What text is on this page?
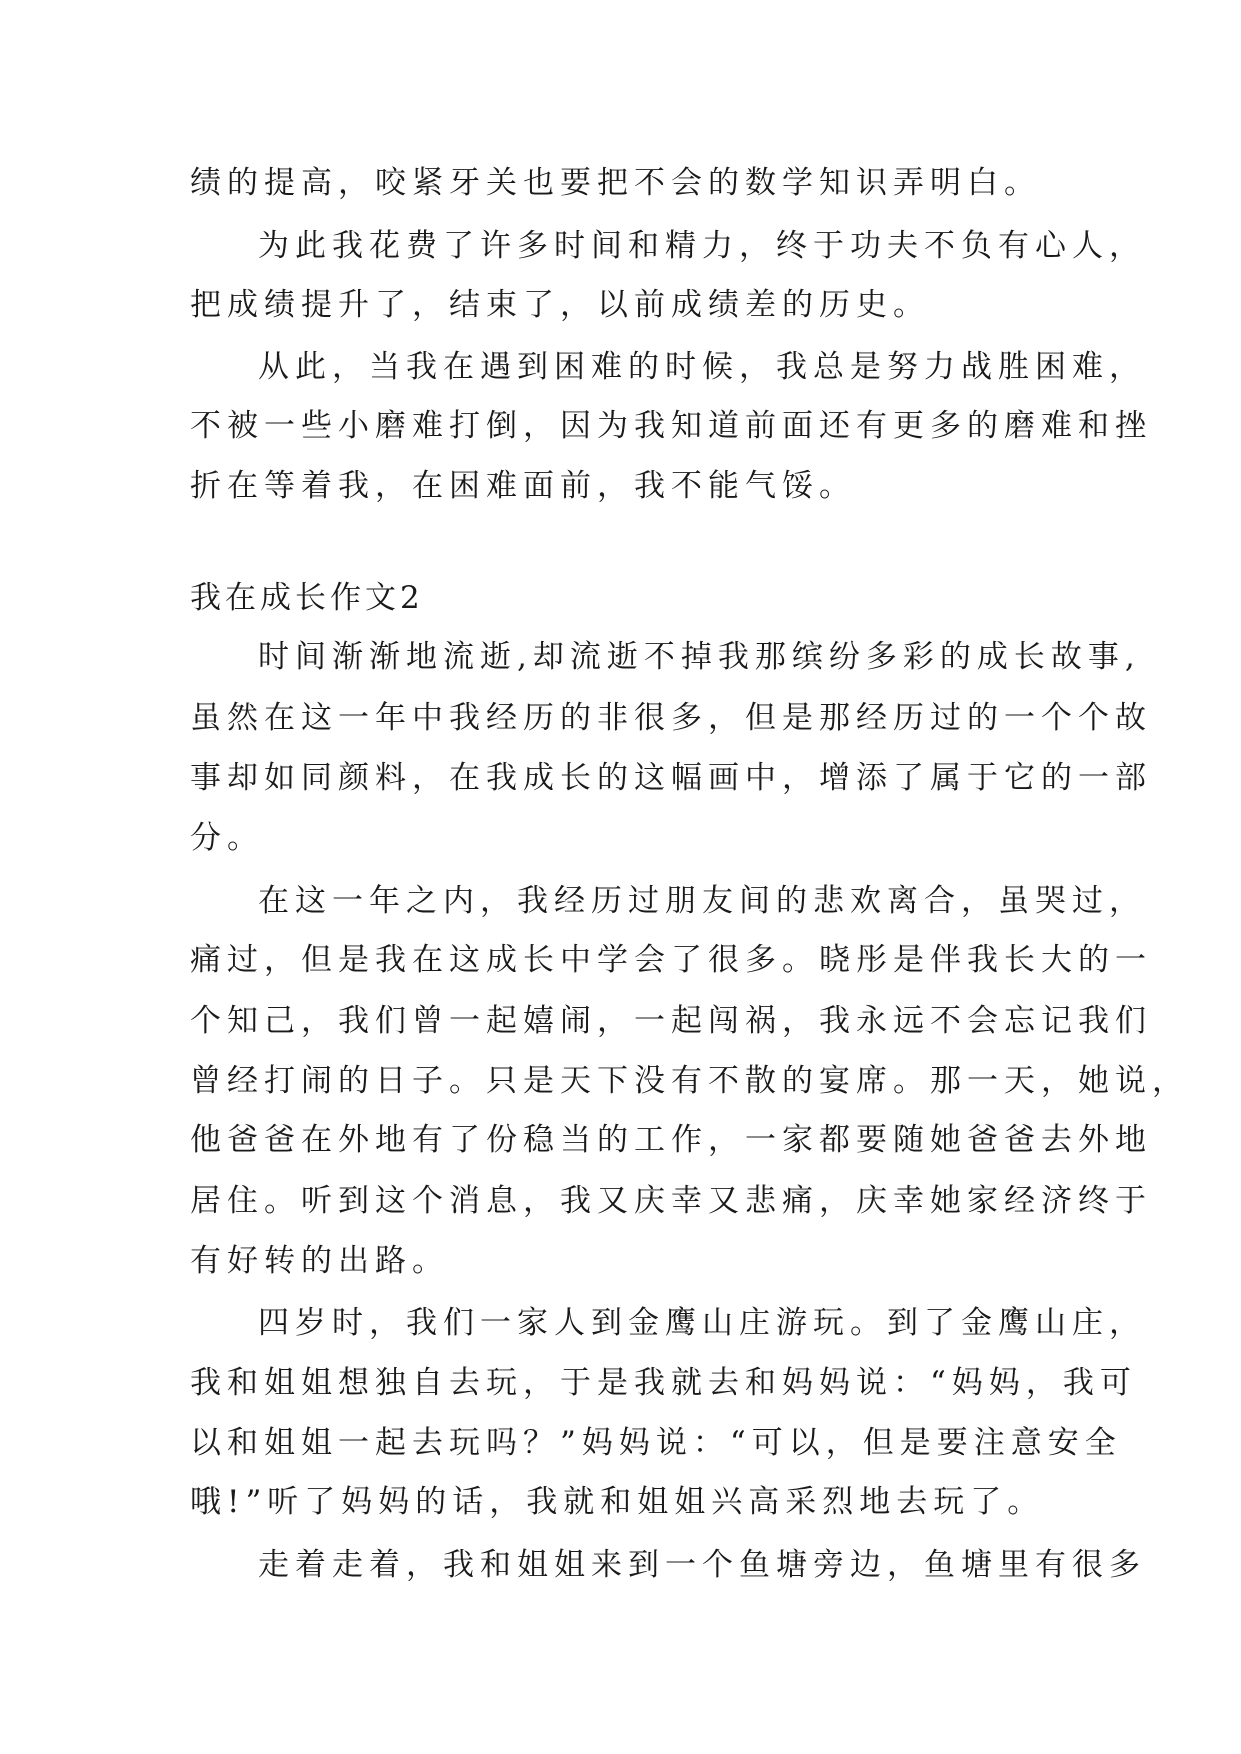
绩的提高，咬紧牙关也要把不会的数学知识弄明白。
为此我花费了许多时间和精力，终于功夫不负有心人，
把成绩提升了，结束了，以前成绩差的历史。
从此，当我在遇到困难的时候，我总是努力战胜困难，
不被一些小磨难打倒，因为我知道前面还有更多的磨难和挫
折在等着我，在困难面前，我不能气馁。
我在成长作文2
时间渐渐地流逝,却流逝不掉我那缤纷多彩的成长故事,
虽然在这一年中我经历的非很多，但是那经历过的一个个故
事却如同颜料，在我成长的这幅画中，增添了属于它的一部
分。
在这一年之内，我经历过朋友间的悲欢离合，虽哭过，
痛过，但是我在这成长中学会了很多。晓彤是伴我长大的一
个知己，我们曾一起嬉闹，一起闯祸，我永远不会忘记我们
曾经打闹的日子。只是天下没有不散的宴席。那一天，她说，
他爸爸在外地有了份稳当的工作，一家都要随她爸爸去外地
居住。听到这个消息，我又庆幸又悲痛，庆幸她家经济终于
有好转的出路。
四岁时，我们一家人到金鹰山庄游玩。到了金鹰山庄，
我和姐姐想独自去玩，于是我就去和妈妈说：“妈妈，我可
以和姐姐一起去玩吗？”妈妈说：“可以，但是要注意安全
哦!”听了妈妈的话，我就和姐姐兴高采烈地去玩了。
走着走着，我和姐姐来到一个鱼塘旁边，鱼塘里有很多
